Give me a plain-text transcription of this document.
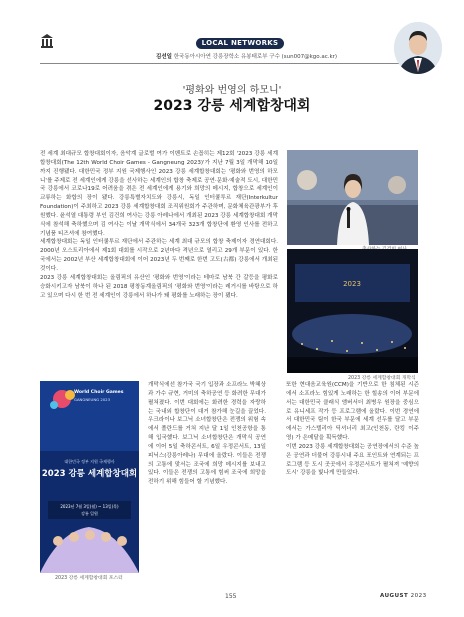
LOCAL NETWORKS
김선일 한국동아시아연 강릉장학소 유봉태로부 구수 (sun007@kgo.ac.kr)
'평화와 번영의 하모니'
2023 강릉 세계합창대회
전 세계 최대규모 합창대회이자, 음악계 글로벌 여가 이벤트로 손꼽히는 제12회 '2023 강릉 세계합창대회(The 12th World Choir Games - Gangneung 2023)'가 지난 7월 3일 개막해 10일까지 진행됐다. 대한민국 정부 지원 국제행사인 2023 강릉 세계합창대회는 '평화와 번영의 하모니'를 주제로 전 세계인에게 강릉을 선사하는 세계인의 합창 축제로 공연·문화·예술적 도시, 대한민국 강릉에서 코로나19로 어려움을 겪은 전 세계인에게 용기와 희망의 메시지, 합창으로 세계인이 교류하는 화합의 장이 됐다. 강릉특별자치도와 강릉시, 독일 인터쿨투르 재단(Interkultur Foundation)이 주최하고 2023 강릉 세계합창대회 조직위원회가 주관하며, 문화체육관광부가 후원했다. 윤석열 대통령 부인 김건희 여사는 강릉 아레나에서 개최된 2023 강릉 세계합창대회 개막식에 참석해 축하했으며 김 여사는 이날 개막식에서 34개국 323개 합창단에 환영 인사를 전하고 기념품 티즈셔에 참여했다.
세계합창대회는 독일 인터쿨투르 재단에서 주관하는 세계 최대 규모의 합창 축제이자 경연대회다. 2000년 오스트리아에서 제1회 대회를 시작으로 2년마다 격년으로 열리고 29개 부문이 있다. 한국에서는 2002년 부산 세계합창대회에 이어 2023년 두 번째로 한번 고도(古都) 강릉에서 개최된 것이다.
2023 강릉 세계합창대회는 올림픽의 유산인 '평화와 번영'이라는 테마로 남북 간 갈등을 평화로 승화시키고자 남북이 하나 된 2018 평창동계올림픽의 '평화와 번영'이라는 레거시를 바탕으로 하고 있으며 다시 한 번 전 세계인이 강릉에서 하나가 돼 평화를 노래하는 장이 됐다.
2023
2023 강릉 세계합창대회 개막식
World Choir Games
GANGNEUNG 2023
대한민국 정부 지원 국제행사
2023 강릉 세계합창대회
2023년 7월 3일(월) ~ 13일(목)
강릉 일원
2023 강릉 세계합창대회 포스터
개막식에선 참가국 국기 입장과 소프라노 박혜상과 가수 규현, 거미의 축하공연 등 화려한 무대가 펼쳐졌다. 이번 대회에는 화려한 경력을 자랑하는 국내외 합창단이 대거 참가해 눈길을 끌었다. 우크라이나 보그닉 소녀합창단은 전쟁의 위험 속에서 폴란드를 거쳐 지난 달 1일 인천공항을 통해 입국했다. 보그닉 소녀합창단은 개막식 공연에 이어 5일 축하콘서트, 6일 우정콘서트, 13일 피닉스(강릉아레나) 무대에 올랐다. 이들은 전쟁의 고통에 맞서는 조국에 희망 메시지를 보내고 있다. 이들은 전쟁의 고통에 힘써 조국에 희망을 전하기 위해 힘들어 할 기념했다.
또한 현대음교육원(CCM)을 기반으로 한 침체된 시즌에서 소프라노 힘있게 노래하는 한 힐송의 이어 부문에서는 대한민국 클래식 앰버서더 최병우 원장을 중심으로 유니세프 작가 등 프로그램에 올랐다. 이번 경연에서 대한민국 팀이 한국 부문에 세계 선두를 달고 부문에서는 가스텔리아 딕셔너리 최고(인천동, 란킹 이주영) 가 은메달을 획득했다.
이번 2023 강릉 세계합창대회는 공연장에서의 수준 높은 공연과 더불어 강릉시내 주요 포인트와 연계되는 프로그램 등 도시 곳곳에서 우정콘서트가 펼쳐져 '예향의 도시' 강릉을 빛나게 만들었다.
155	AUGUST 2023
